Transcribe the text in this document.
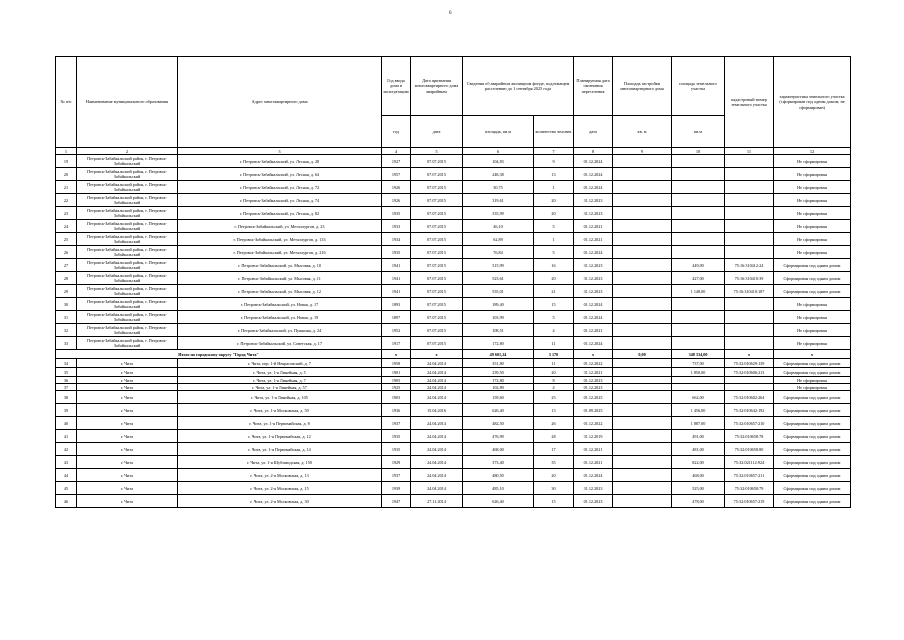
6
№ п/п	Наименование муниципального образования	Адрес многоквартирного дома	Год ввода дома в эксплуатацию	Дата признания многоквартирного дома аварийным	Сведения об аварийном жилищном фонде, подлежащем расселению до 1 сентября 2025 года		Планируемая дата окончания переселения	Площадь застройки многоквартирного дома	площадь земельного участка	кадастровый номер земельного участка	характеристика земельного участка (сформирован под одним домом, не сформирован)
			год	дата	площадь, кв.м	количество человек	дата	кв. м	кв.м		
1	2	3	4	5	6	7	8	9	10	11	12
19	Петровск-Забайкальский район, г. Петровск-Забайкальский	г. Петровск-Забайкальский, ул. Лесная, д. 28	1927	07.07.2015	104,83	9	01.12.2024				Не сформирован
20	Петровск-Забайкальский район, г. Петровск-Забайкальский	г. Петровск-Забайкальский, ул. Лесная, д. 64	1957	07.07.2015	248,38	13	01.12.2024				Не сформирован
21	Петровск-Забайкальский район, г. Петровск-Забайкальский	г. Петровск-Забайкальский, ул. Лесная, д. 72	1926	07.07.2015	30,75	1	01.12.2024				Не сформирован
22	Петровск-Забайкальский район, г. Петровск-Забайкальский	г. Петровск-Забайкальский, ул. Лесная, д. 74	1926	07.07.2015	319,61	20	31.12.2023				Не сформирован
23	Петровск-Забайкальский район, г. Петровск-Забайкальский	г. Петровск-Забайкальский, ул. Лесная, д. 82	1935	07.07.2015	335,99	20	31.12.2023				Не сформирован
24	Петровск-Забайкальский район, г. Петровск-Забайкальский	г. Петровск-Забайкальский, ул. Металлургов, д. 23	1933	07.07.2015	46,10	5	01.12.2021				Не сформирован
25	Петровск-Забайкальский район, г. Петровск-Забайкальский	г. Петровск-Забайкальский, ул. Металлургов, д. 133	1934	07.07.2015	62,89	1	01.12.2021				Не сформирован
26	Петровск-Забайкальский район, г. Петровск-Забайкальский	г. Петровск-Забайкальский, ул. Металлургов, д. 216	1935	07.07.2015	76,84	5	01.12.2024				Не сформирован
27	Петровск-Забайкальский район, г. Петровск-Забайкальский	г. Петровск-Забайкальский, ул. Мысовая, д. 10	1941	07.07.2015	515,99	16	31.12.2023		449,00	75:16:310412:24	Сформирован под одним домом
28	Петровск-Забайкальский район, г. Петровск-Забайкальский	г. Петровск-Забайкальский, ул. Мысовая, д. 11	1941	07.07.2015	523,61	20	31.12.2023		427,00	75:16:310410:39	Сформирован под одним домом
29	Петровск-Забайкальский район, г. Петровск-Забайкальский	г. Петровск-Забайкальский, ул. Мысовая, д. 12	1941	07.07.2015	535,01	21	31.12.2023		1 148,00	75:16:310410:187	Сформирован под одним домом
30	Петровск-Забайкальский район, г. Петровск-Забайкальский	г. Петровск-Забайкальский, ул. Новая, д. 17	1893	07.07.2015	189,40	15	01.12.2024				Не сформирован
31	Петровск-Забайкальский район, г. Петровск-Забайкальский	г. Петровск-Забайкальский, ул. Новая, д. 19	1897	07.07.2015	103,99	5	01.12.2024				Не сформирован
32	Петровск-Забайкальский район, г. Петровск-Забайкальский	г. Петровск-Забайкальский, ул. Пушкина, д. 24	1952	07.07.2015	108,51	4	01.12.2021				Не сформирован
33	Петровск-Забайкальский район, г. Петровск-Забайкальский	г. Петровск-Забайкальский, ул. Советская, д. 17	1917	07.07.2015	172,80	11	01.12.2024				Не сформирован
Итого по городскому округу "Город Чита"			x	x	49 601,24	3 170	x	0,00	348 334,00	x	x
34	г. Чита	г. Чита, пер. 1-й Некрасовский, д. 7	1958	24.04.2014	351,80	11	01.12.2022		737,00	75:32:010629:139	Сформирован под одним домом
35	г. Чита	г. Чита, ул. 1-я Линейная, д. 5	1901	24.04.2014	239,50	20	31.12.2021		1 850,00	75:32:010606:213	Сформирован под одним домом
36	г. Чита	г. Чита, ул. 1-я Линейная, д. 7	1905	24.04.2014	172,80	8	01.12.2023				Не сформирован
37	г. Чита	г. Чита, ул. 1-я Линейная, д. 57	1925	24.04.2014	102,89	4	01.12.2023				Не сформирован
38	г. Чита	г. Чита, ул. 1-я Линейная, д. 105	1903	24.04.2014	159,60	25	01.12.2025		662,00	75:32:010602:264	Сформирован под одним домом
39	г. Чита	г. Чита, ул. 1-я Московская, д. 50	1936	15.04.2016	626,40	13	01.09.2025		1 456,00	75:32:010642:192	Сформирован под одним домом
40	г. Чита	г. Чита, ул. 1-я Первомайская, д. 8	1937	24.04.2014	482,50	26	01.12.2022		1 887,00	75:32:010657:210	Сформирован под одним домом
41	г. Чита	г. Чита, ул. 1-я Первомайская, д. 12	1935	24.04.2014	476,99	28	31.12.2019		491,00	75:32:010658:78	Сформирован под одним домом
42	г. Чита	г. Чита, ул. 1-я Первомайская, д. 14	1935	24.04.2014	468,00	17	01.12.2021		481,00	75:32:010658:80	Сформирован под одним домом
43	г. Чита	г. Чита, ул. 1-я Шубзаводская, д. 150	1929	24.04.2014	373,40	35	01.12.2021		822,00	75:32:021112:924	Сформирован под одним домом
44	г. Чита	г. Чита, ул. 2-я Московская, д. 13	1937	24.04.2014	480,50	20	01.12.2024		468,00	75:32:010657:211	Сформирован под одним домом
45	г. Чита	г. Чита, ул. 2-я Московская, д. 15	1939	24.04.2014	485,10	30	31.12.2023		525,00	75:32:010658:79	Сформирован под одним домом
46	г. Чита	г. Чита, ул. 2-я Московская, д. 30	1947	27.11.2014	626,40	15	01.12.2023		478,00	75:32:010657:219	Сформирован под одним домом
